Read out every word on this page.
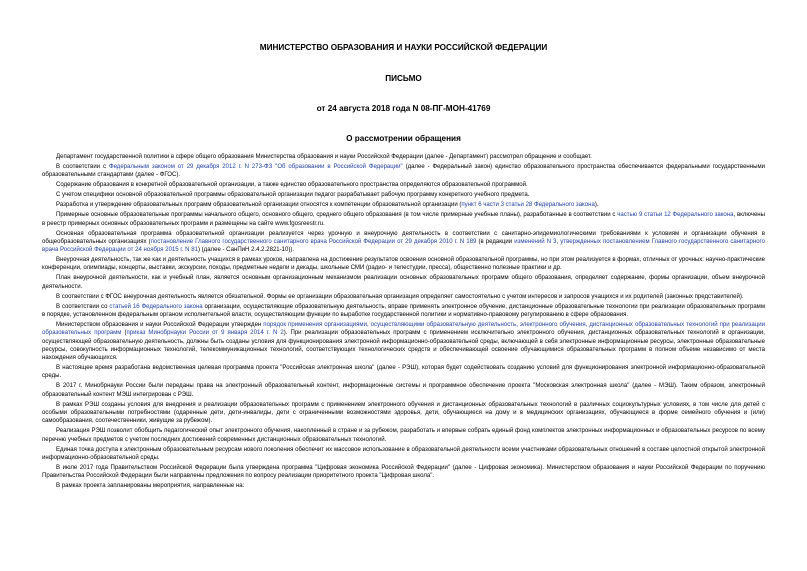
МИНИСТЕРСТВО ОБРАЗОВАНИЯ И НАУКИ РОССИЙСКОЙ ФЕДЕРАЦИИ
ПИСЬМО
от 24 августа 2018 года N 08-ПГ-МОН-41769
О рассмотрении обращения

Департамент государственной политики в сфере общего образования Министерства образования и науки Российской Федерации (далее - Департамент) рассмотрел обращение и сообщает.

В соответствии с Федеральным законом от 29 декабря 2012 г. N 273-ФЗ "Об образовании в Российской Федерации" (далее - Федеральный закон) единство образовательного пространства обеспечивается федеральными государственными образовательными стандартами (далее - ФГОС).

Содержание образования в конкретной образовательной организации, а также единство образовательного пространства определяются образовательной программой.

С учетом специфики основной образовательной программы образовательной организации педагог разрабатывает рабочую программу конкретного учебного предмета.

Разработка и утверждение образовательных программ образовательной организации относятся к компетенции образовательной организации (пункт 6 части 3 статьи 28 Федерального закона).

Примерные основные образовательные программы начального общего, основного общего, среднего общего образования (в том числе примерные учебные планы), разработанные в соответствии с частью 9 статьи 12 Федерального закона, включены в реестр примерных основных образовательных программ и размещены на сайте www.fgosreestr.ru.

Основная образовательная программа образовательной организации реализуется через урочную и внеурочную деятельность в соответствии с санитарно-эпидемиологическими требованиями к условиям и организации обучения в общеобразовательных организациях (постановление Главного государственного санитарного врача Российской Федерации от 29 декабря 2010 г. N 189 (в редакции изменений N 3, утвержденных постановлением Главного государственного санитарного врача Российской Федерации от 24 ноября 2015 г. N 81) (далее - СанПиН 2.4.2.2821-10)).

Внеурочная деятельность, так же как и деятельность учащихся в рамках уроков, направлена на достижение результатов освоения основной образовательной программы, но при этом реализуется в формах, отличных от урочных: научно-практические конференции, олимпиады, концерты, выставки, экскурсии, походы, предметные недели и декады, школьные СМИ (радио- и телестудии, пресса), общественно полезные практики и др.

План внеурочной деятельности, как и учебный план, является основным организационным механизмом реализации основных образовательных программ общего образования, определяет содержание, формы организации, объем внеурочной деятельности.

В соответствии с ФГОС внеурочная деятельность является обязательной. Формы ее организации образовательная организация определяет самостоятельно с учетом интересов и запросов учащихся и их родителей (законных представителей).

В соответствии со статьей 16 Федерального закона организации, осуществляющие образовательную деятельность, вправе применять электронное обучение, дистанционные образовательные технологии при реализации образовательных программ в порядке, установленном федеральным органом исполнительной власти, осуществляющим функции по выработке государственной политики и нормативно-правовому регулированию в сфере образования.

Министерством образования и науки Российской Федерации утвержден порядок применения организациями, осуществляющими образовательную деятельность, электронного обучения, дистанционных образовательных технологий при реализации образовательных программ (приказ Минобрнауки России от 9 января 2014 г. N 2). При реализации образовательных программ с применением исключительно электронного обучения, дистанционных образовательных технологий в организации, осуществляющей образовательную деятельность, должны быть созданы условия для функционирования электронной информационно-образовательной среды, включающей в себя электронные информационные ресурсы, электронные образовательные ресурсы, совокупность информационных технологий, телекоммуникационных технологий, соответствующих технологических средств и обеспечивающей освоение обучающимися образовательных программ в полном объеме независимо от места нахождения обучающихся.

В настоящее время разработана ведомственная целевая программа проекта "Российская электронная школа" (далее - РЭШ), которая будет содействовать созданию условий для функционирования электронной информационно-образовательной среды.

В 2017 г. Минобрнауки России были переданы права на электронный образовательный контент, информационные системы и программное обеспечение проекта "Московская электронная школа" (далее - МЭШ). Таким образом, электронный образовательный контент МЭШ интегрирован с РЭШ.

В рамках РЭШ созданы условия для внедрения и реализации образовательных программ с применением электронного обучения и дистанционных образовательных технологий в различных социокультурных условиях, в том числе для детей с особыми образовательными потребностями (одаренные дети, дети-инвалиды, дети с ограниченными возможностями здоровья, дети, обучающиеся на дому и в медицинских организациях, обучающиеся в форме семейного обучения и (или) самообразования, соотечественники, живущие за рубежом).

Реализация РЭШ позволит обобщить педагогический опыт электронного обучения, накопленный в стране и за рубежом, разработать и впервые собрать единый фонд комплектов электронных информационных и образовательных ресурсов по всему перечню учебных предметов с учетом последних достижений современных дистанционных образовательных технологий.

Единая точка доступа к электронным образовательным ресурсам нового поколения обеспечит их массовое использование в образовательной деятельности всеми участниками образовательных отношений в составе целостной открытой электронной информационно-образовательной среды.

В июле 2017 года Правительством Российской Федерации была утверждена программа "Цифровая экономика Российской Федерации" (далее - Цифровая экономика). Министерством образования и науки Российской Федерации по поручению Правительства Российской Федерации были направлены предложения по вопросу реализации приоритетного проекта "Цифровая школа".

В рамках проекта запланированы мероприятия, направленные на:
